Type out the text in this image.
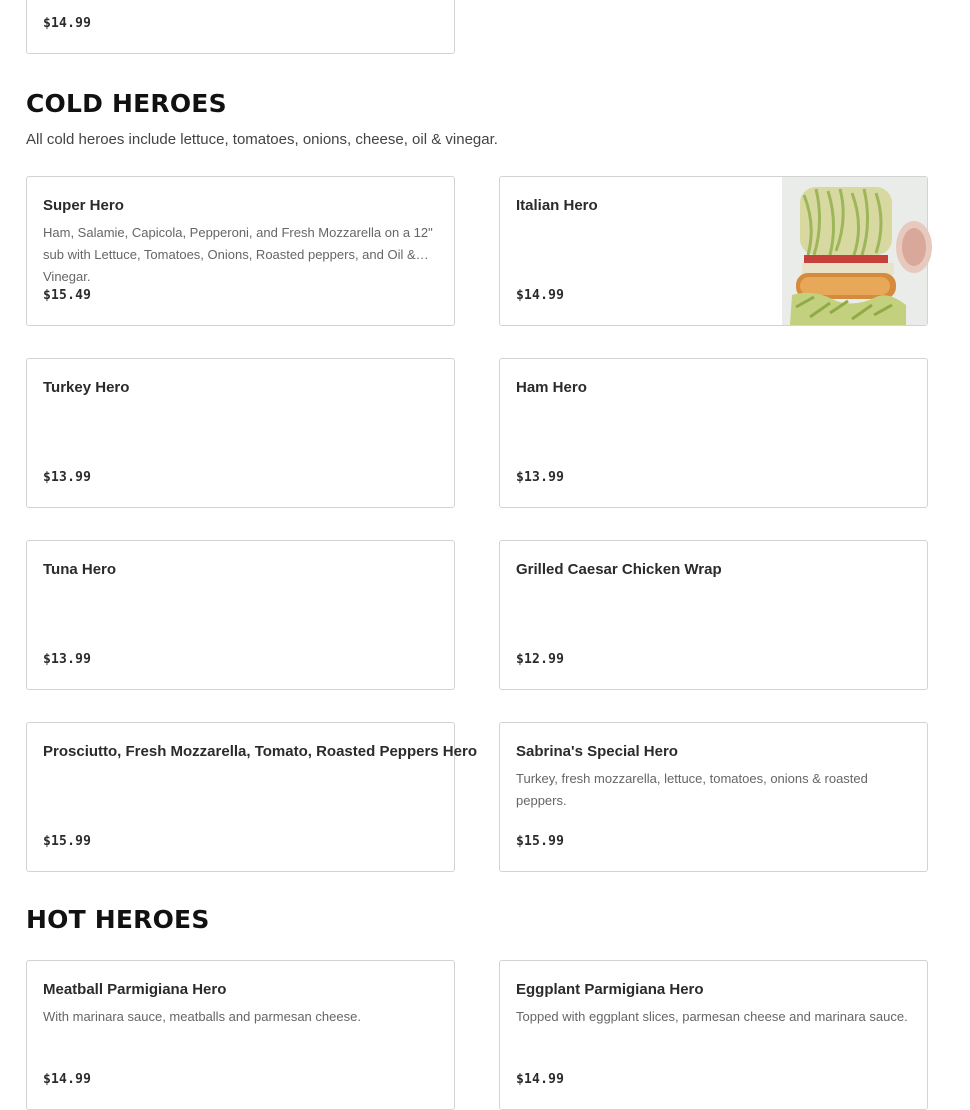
$14.99
COLD HEROES

All cold heroes include lettuce, tomatoes, onions, cheese, oil & vinegar.

Super Hero
Ham, Salamie, Capicola, Pepperoni, and Fresh Mozzarella on a 12" sub with Lettuce, Tomatoes, Onions, Roasted peppers, and Oil & Vinegar.
$15.49
Italian Hero
$14.99
Turkey Hero
$13.99
Ham Hero
$13.99
Tuna Hero
$13.99
Grilled Caesar Chicken Wrap
$12.99
Prosciutto, Fresh Mozzarella, Tomato, Roasted Peppers Hero
$15.99
Sabrina's Special Hero
Turkey, fresh mozzarella, lettuce, tomatoes, onions & roasted peppers.
$15.99
HOT HEROES
Meatball Parmigiana Hero
With marinara sauce, meatballs and parmesan cheese.
$14.99
Eggplant Parmigiana Hero
Topped with eggplant slices, parmesan cheese and marinara sauce.
$14.99
